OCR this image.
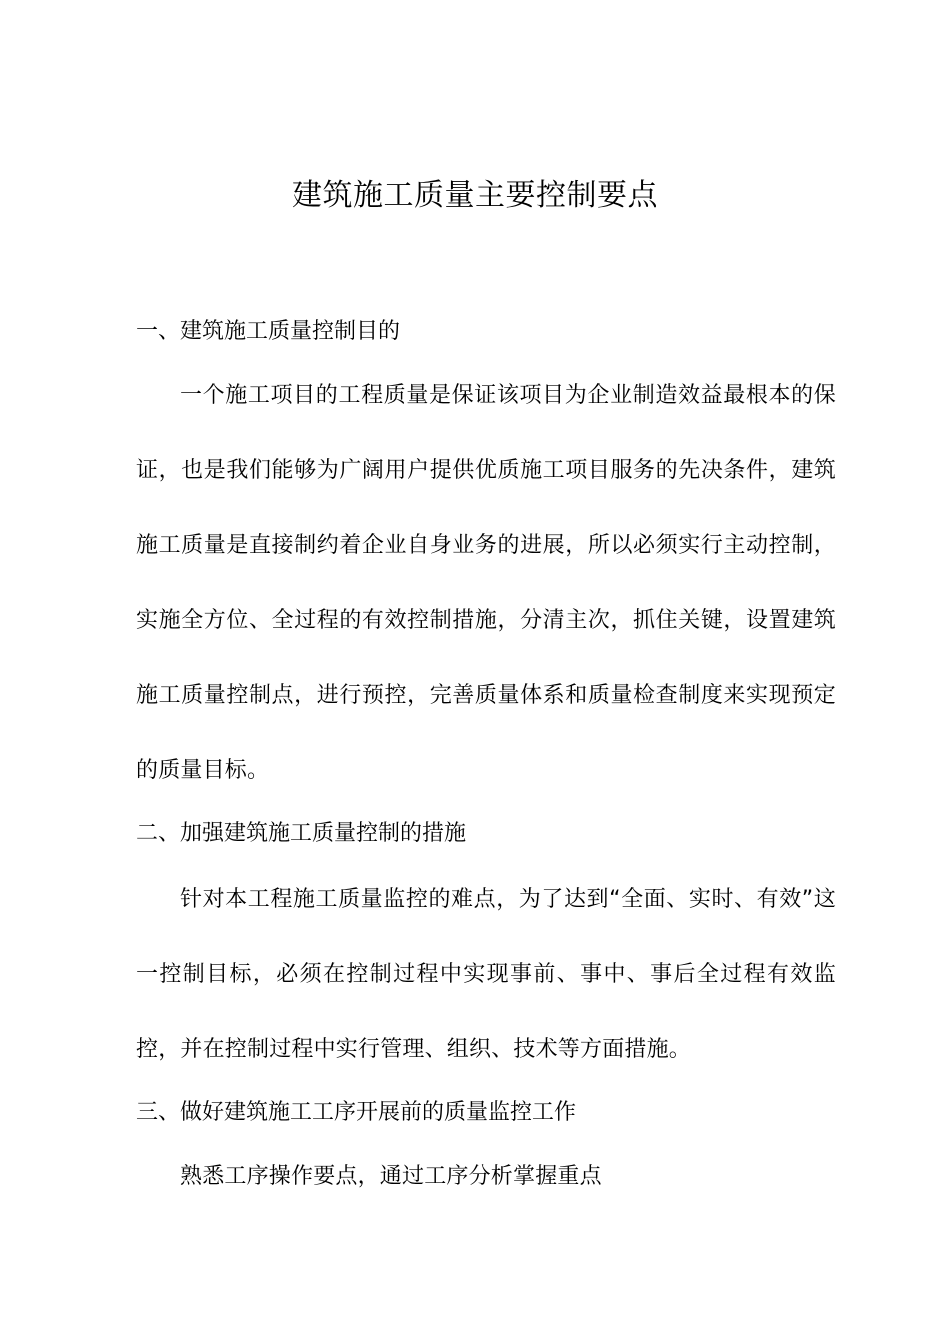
建筑施工质量主要控制要点
一、建筑施工质量控制目的

一个施工项目的工程质量是保证该项目为企业制造效益最根本的保证，也是我们能够为广阔用户提供优质施工项目服务的先决条件，建筑施工质量是直接制约着企业自身业务的进展，所以必须实行主动控制，实施全方位、全过程的有效控制措施，分清主次，抓住关键，设置建筑施工质量控制点，进行预控，完善质量体系和质量检查制度来实现预定的质量目标。

二、加强建筑施工质量控制的措施

针对本工程施工质量监控的难点，为了达到“全面、实时、有效”这一控制目标，必须在控制过程中实现事前、事中、事后全过程有效监控，并在控制过程中实行管理、组织、技术等方面措施。

三、做好建筑施工工序开展前的质量监控工作

熟悉工序操作要点，通过工序分析掌握重点
